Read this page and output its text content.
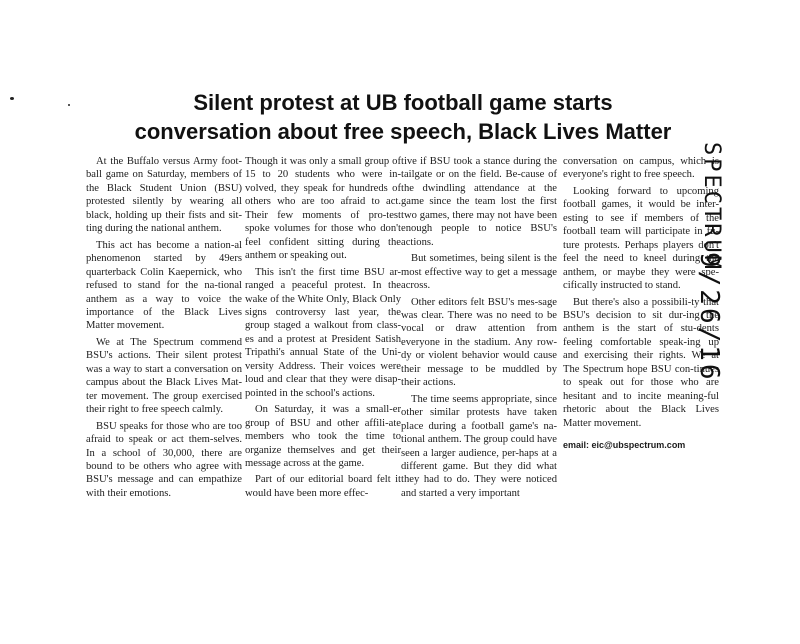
Silent protest at UB football game starts
conversation about free speech, Black Lives Matter

At the Buffalo versus Army foot-ball game on Saturday, members of the Black Student Union (BSU) protested silently by wearing all black, holding up their fists and sit-ting during the national anthem.

This act has become a nation-al phenomenon started by 49ers quarterback Colin Kaepernick, who refused to stand for the na-tional anthem as a way to voice the importance of the Black Lives Matter movement.

We at The Spectrum commend BSU's actions. Their silent protest was a way to start a conversation on campus about the Black Lives Mat-ter movement. The group exercised their right to free speech calmly.

BSU speaks for those who are too afraid to speak or act them-selves. In a school of 30,000, there are bound to be others who agree with BSU's message and can empathize with their emotions.

Though it was only a small group of 15 to 20 students who were in-volved, they speak for hundreds of others who are too afraid to act. Their few moments of pro-test spoke volumes for those who don't feel confident sitting during the anthem or speaking out.

This isn't the first time BSU ar-ranged a peaceful protest. In the wake of the White Only, Black Only signs controversy last year, the group staged a walkout from class-es and a protest at President Satish Tripathi's annual State of the Uni-versity Address. Their voices were loud and clear that they were disap-pointed in the school's actions.

On Saturday, it was a small-er group of BSU and other affili-ate members who took the time to organize themselves and get their message across at the game.

Part of our editorial board felt it would have been more effec-

tive if BSU took a stance during the tailgate or on the field. Be-cause of the dwindling attendance at the game since the team lost the first two games, there may not have been enough people to notice BSU's actions.

But sometimes, being silent is the most effective way to get a message across.

Other editors felt BSU's mes-sage was clear. There was no need to be vocal or draw attention from everyone in the stadium. Any row-dy or violent behavior would cause their message to be muddled by their actions.

The time seems appropriate, since other similar protests have taken place during a football game's na-tional anthem. The group could have seen a larger audience, per-haps at a different game. But they did what they had to do. They were noticed and started a very important

conversation on campus, which is everyone's right to free speech.

Looking forward to upcoming football games, it would be inter-esting to see if members of the football team will participate in fu-ture protests. Perhaps players don't feel the need to kneel during the anthem, or maybe they were spe-cifically instructed to stand.

But there's also a possibili-ty that BSU's decision to sit dur-ing the anthem is the start of stu-dents feeling comfortable speak-ing up and exercising their rights. We at The Spectrum hope BSU con-tinues to speak out for those who are hesitant and to incite meaning-ful rhetoric about the Black Lives Matter movement.

email: eic@ubspectrum.com

SPECTRUM
9/26/16
